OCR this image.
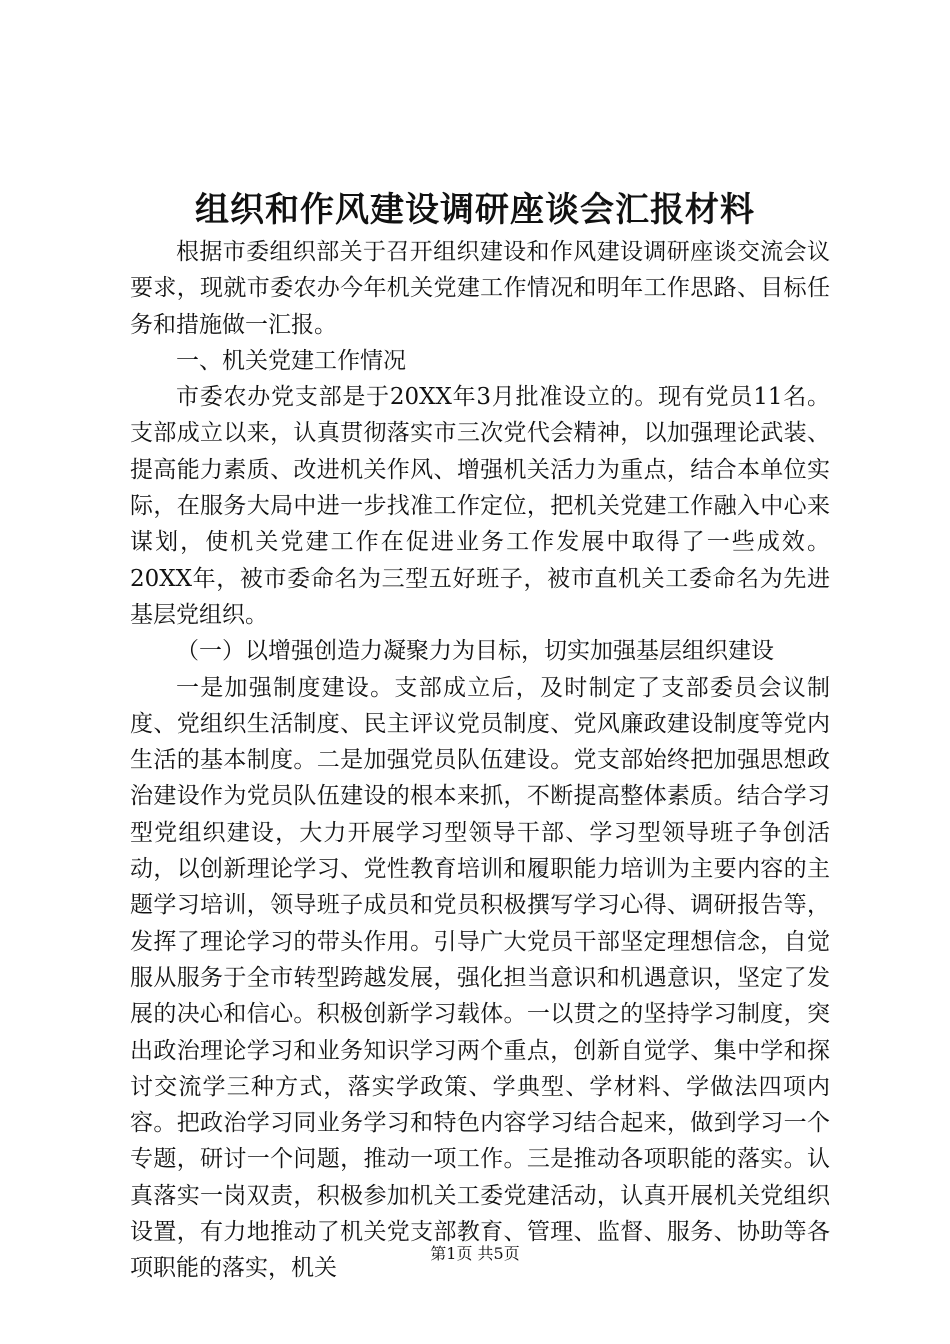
组织和作风建设调研座谈会汇报材料

根据市委组织部关于召开组织建设和作风建设调研座谈交流会议要求，现就市委农办今年机关党建工作情况和明年工作思路、目标任务和措施做一汇报。

一、机关党建工作情况

市委农办党支部是于20XX年3月批准设立的。现有党员11名。支部成立以来，认真贯彻落实市三次党代会精神，以加强理论武装、提高能力素质、改进机关作风、增强机关活力为重点，结合本单位实际，在服务大局中进一步找准工作定位，把机关党建工作融入中心来谋划，使机关党建工作在促进业务工作发展中取得了一些成效。20XX年，被市委命名为三型五好班子，被市直机关工委命名为先进基层党组织。

（一）以增强创造力凝聚力为目标，切实加强基层组织建设

一是加强制度建设。支部成立后，及时制定了支部委员会议制度、党组织生活制度、民主评议党员制度、党风廉政建设制度等党内生活的基本制度。二是加强党员队伍建设。党支部始终把加强思想政治建设作为党员队伍建设的根本来抓，不断提高整体素质。结合学习型党组织建设，大力开展学习型领导干部、学习型领导班子争创活动，以创新理论学习、党性教育培训和履职能力培训为主要内容的主题学习培训，领导班子成员和党员积极撰写学习心得、调研报告等，发挥了理论学习的带头作用。引导广大党员干部坚定理想信念，自觉服从服务于全市转型跨越发展，强化担当意识和机遇意识，坚定了发展的决心和信心。积极创新学习载体。一以贯之的坚持学习制度，突出政治理论学习和业务知识学习两个重点，创新自觉学、集中学和探讨交流学三种方式，落实学政策、学典型、学材料、学做法四项内容。把政治学习同业务学习和特色内容学习结合起来，做到学习一个专题，研讨一个问题，推动一项工作。三是推动各项职能的落实。认真落实一岗双责，积极参加机关工委党建活动，认真开展机关党组织设置，有力地推动了机关党支部教育、管理、监督、服务、协助等各项职能的落实，机关

第1页 共5页
